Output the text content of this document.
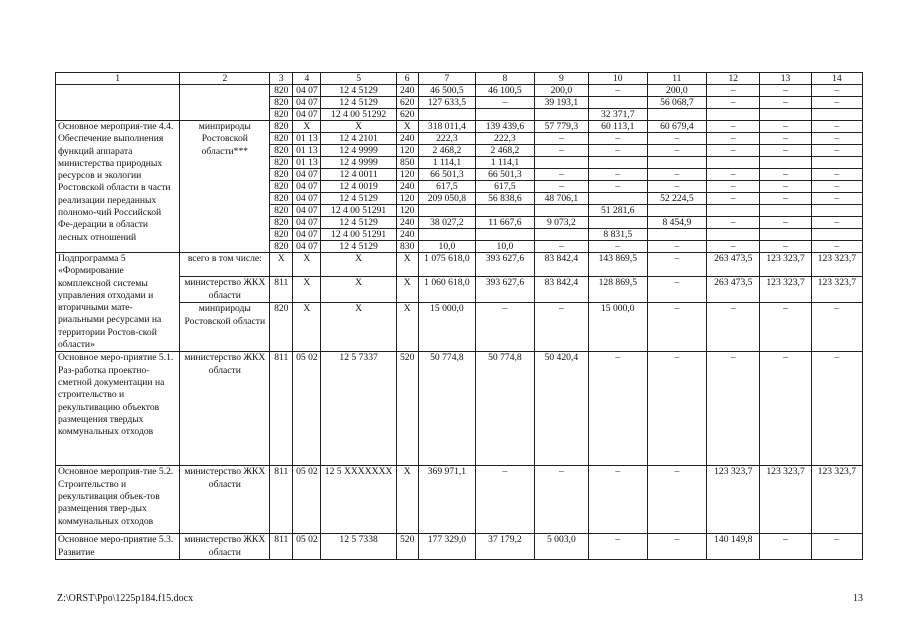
1	2	3	4	5	6	7	8	9	10	11	12	13	14
		820	04 07	12 4 5129	240	46 500,5	46 100,5	200,0	–	200,0	–	–	–
		820	04 07	12 4 5129	620	127 633,5	–	39 193,1		56 068,7	–	–	–
		820	04 07	12 4 00 51292	620				32 371,7				
Основное мероприя-тие 4.4. Обеспечение выполнения функций аппарата министерства природных ресурсов и экологии Ростовской области в части реализации переданных полномо-чий Российской Фе-дерации в области лесных отношений	минприроды Ростовской области***	820	X	X	X	318 011,4	139 439,6	57 779,3	60 113,1	60 679,4	–	–	–
		820	01 13	12 4 2101	240	222,3	222,3	–	–	–	–	–	–
		820	01 13	12 4 9999	120	2 468,2	2 468,2	–	–	–	–	–	–
		820	01 13	12 4 9999	850	1 114,1	1 114,1						
		820	04 07	12 4 0011	120	66 501,3	66 501,3	–	–	–	–	–	–
		820	04 07	12 4 0019	240	617,5	617,5	–	–	–	–	–	–
		820	04 07	12 4 5129	120	209 050,8	56 838,6	48 706,1		52 224,5	–	–	–
		820	04 07	12 4 00 51291	120				51 281,6				
		820	04 07	12 4 5129	240	38 027,2	11 667,6	9 073,2		8 454,9	–	–	–
		820	04 07	12 4 00 51291	240				8 831,5				
		820	04 07	12 4 5129	830	10,0	10,0	–	–	–	–	–	–
Подпрограмма 5 «Формирование комплексной системы управления отходами и вторичными мате-риальными ресурсами на территории Ростов-ской области»	всего в том числе:	X	X	X	X	1 075 618,0	393 627,6	83 842,4	143 869,5	–	263 473,5	123 323,7	123 323,7
	министерство ЖКХ области	811	X	X	X	1 060 618,0	393 627,6	83 842,4	128 869,5	–	263 473,5	123 323,7	123 323,7
	минприроды Ростовской области	820	X	X	X	15 000,0	–	–	15 000,0	–	–	–	–
Основное меро-приятие 5.1. Раз-работка проектно-сметной документации на строительство и рекультивацию объектов размещения твердых коммунальных отходов	министерство ЖКХ области	811	05 02	12 5 7337	520	50 774,8	50 774,8	50 420,4	–	–	–	–	–
Основное мероприя-тие 5.2. Строительство и рекультивация объек-тов размещения твер-дых коммунальных отходов	министерство ЖКХ области	811	05 02	12 5 XXXXXXX	X	369 971,1	–	–	–	–	123 323,7	123 323,7	123 323,7
Основное меро-приятие 5.3. Развитие	министерство ЖКХ области	811	05 02	12 5 7338	520	177 329,0	37 179,2	5 003,0	–	–	140 149,8	–	–
Z:\ORST\Ppo\1225p184.f15.docx	13
